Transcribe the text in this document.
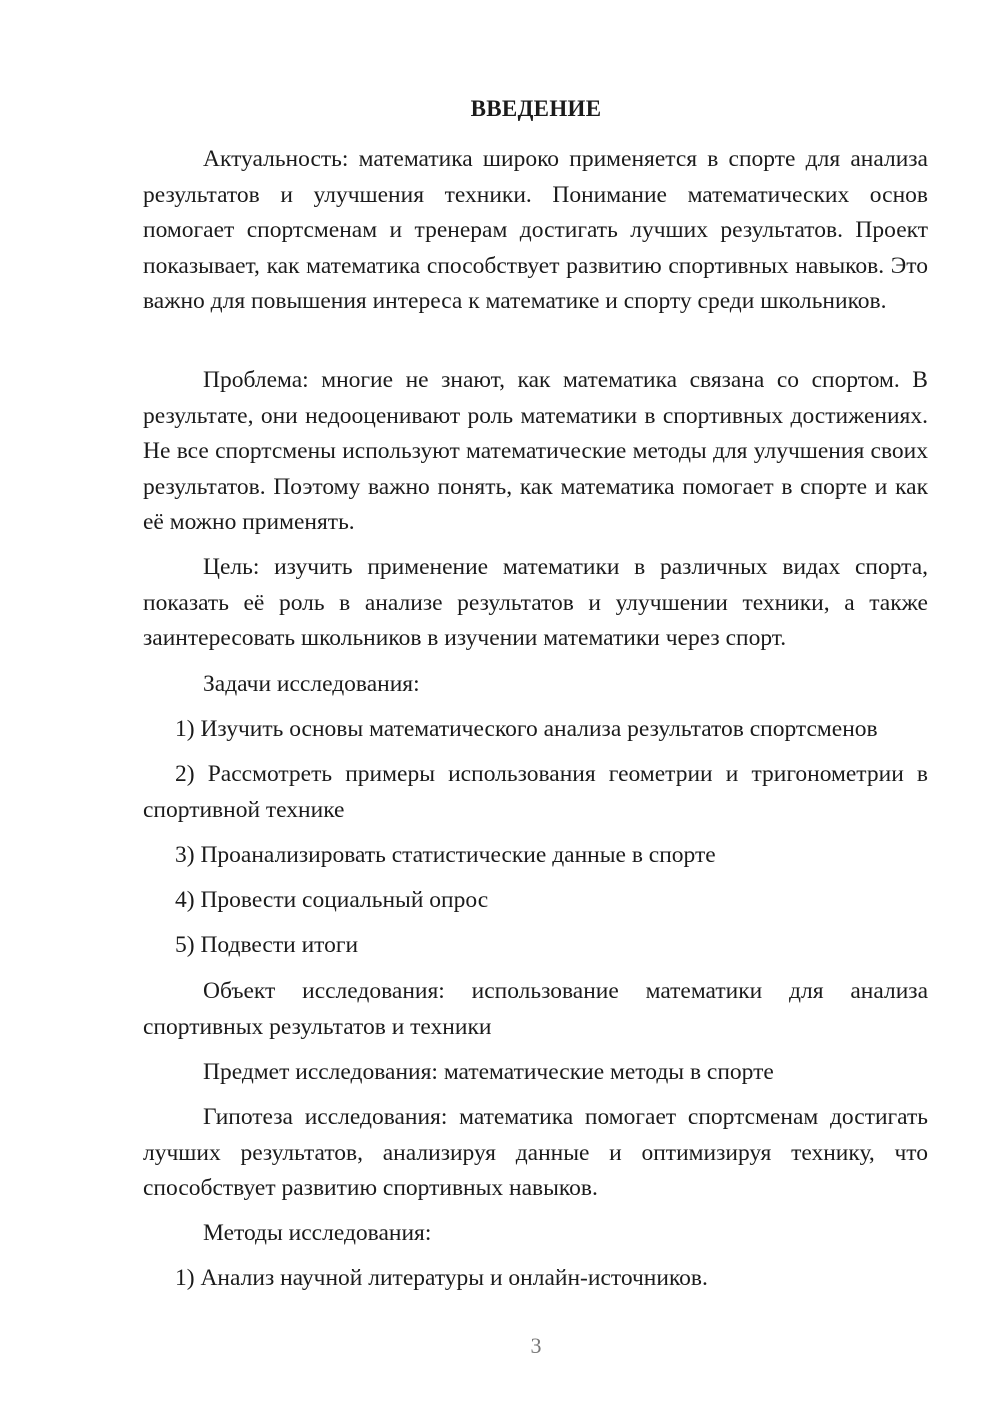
ВВЕДЕНИЕ

Актуальность: математика широко применяется в спорте для анализа результатов и улучшения техники. Понимание математических основ помогает спортсменам и тренерам достигать лучших результатов. Проект показывает, как математика способствует развитию спортивных навыков. Это важно для повышения интереса к математике и спорту среди школьников.

Проблема: многие не знают, как математика связана со спортом. В результате, они недооценивают роль математики в спортивных достижениях. Не все спортсмены используют математические методы для улучшения своих результатов. Поэтому важно понять, как математика помогает в спорте и как её можно применять.

Цель: изучить применение математики в различных видах спорта, показать её роль в анализе результатов и улучшении техники, а также заинтересовать школьников в изучении математики через спорт.

Задачи исследования:

1) Изучить основы математического анализа результатов спортсменов

2) Рассмотреть примеры использования геометрии и тригонометрии в спортивной технике

3) Проанализировать статистические данные в спорте

4) Провести социальный опрос

5) Подвести итоги

Объект исследования: использование математики для анализа спортивных результатов и техники

Предмет исследования: математические методы в спорте

Гипотеза исследования: математика помогает спортсменам достигать лучших результатов, анализируя данные и оптимизируя технику, что способствует развитию спортивных навыков.

Методы исследования:

1) Анализ научной литературы и онлайн-источников.

3
